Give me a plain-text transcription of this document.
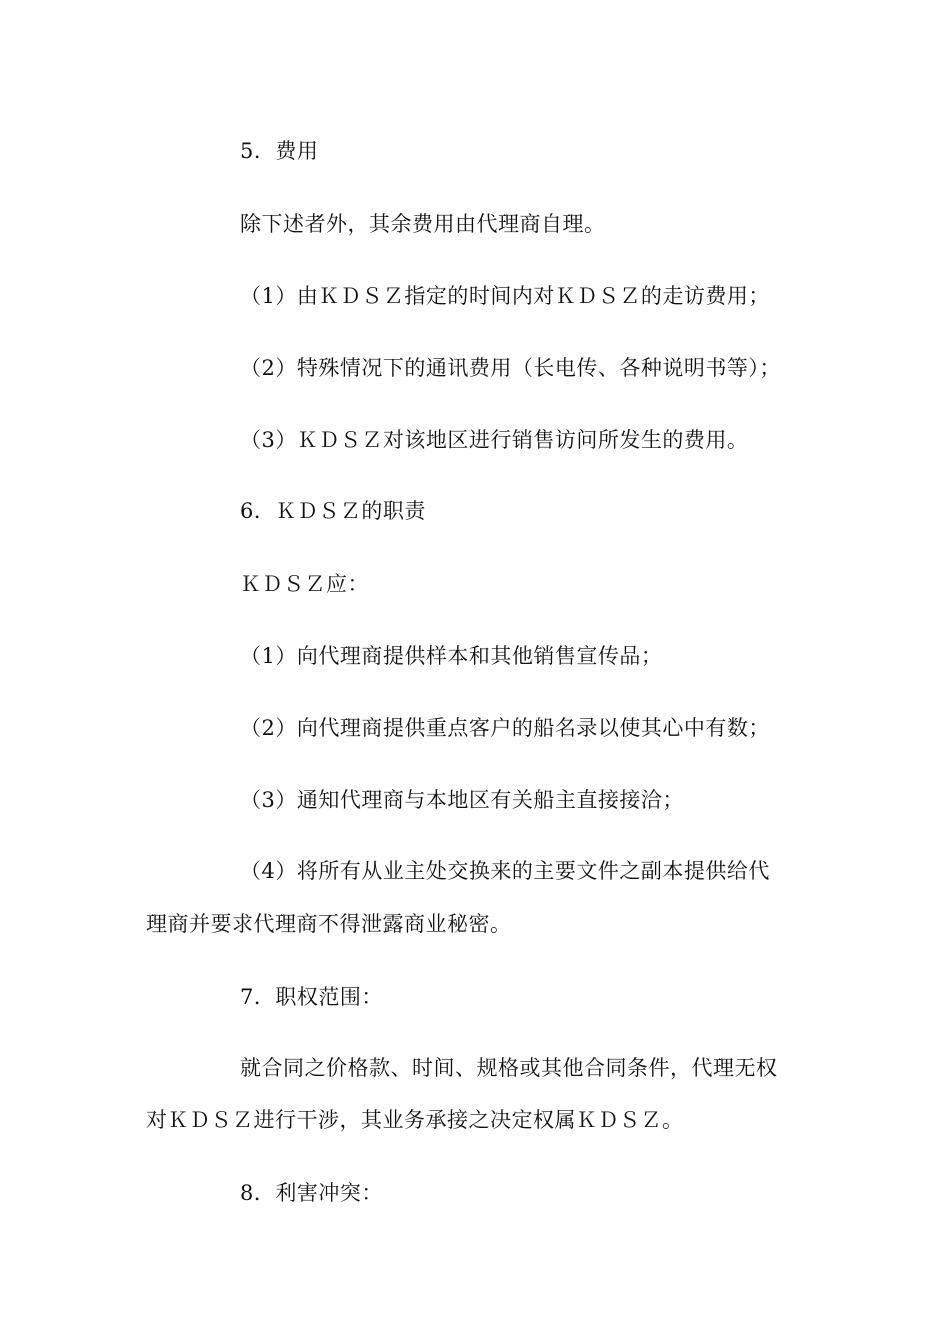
5．费用
除下述者外，其余费用由代理商自理。
（1）由ＫＤＳＺ指定的时间内对ＫＤＳＺ的走访费用；
（2）特殊情况下的通讯费用（长电传、各种说明书等）；
（3）ＫＤＳＺ对该地区进行销售访问所发生的费用。
6．ＫＤＳＺ的职责
ＫＤＳＺ应：
（1）向代理商提供样本和其他销售宣传品；
（2）向代理商提供重点客户的船名录以使其心中有数；
（3）通知代理商与本地区有关船主直接接洽；
（4）将所有从业主处交换来的主要文件之副本提供给代
理商并要求代理商不得泄露商业秘密。
7．职权范围：
就合同之价格款、时间、规格或其他合同条件，代理无权
对ＫＤＳＺ进行干涉，其业务承接之决定权属ＫＤＳＺ。
8．利害冲突：
